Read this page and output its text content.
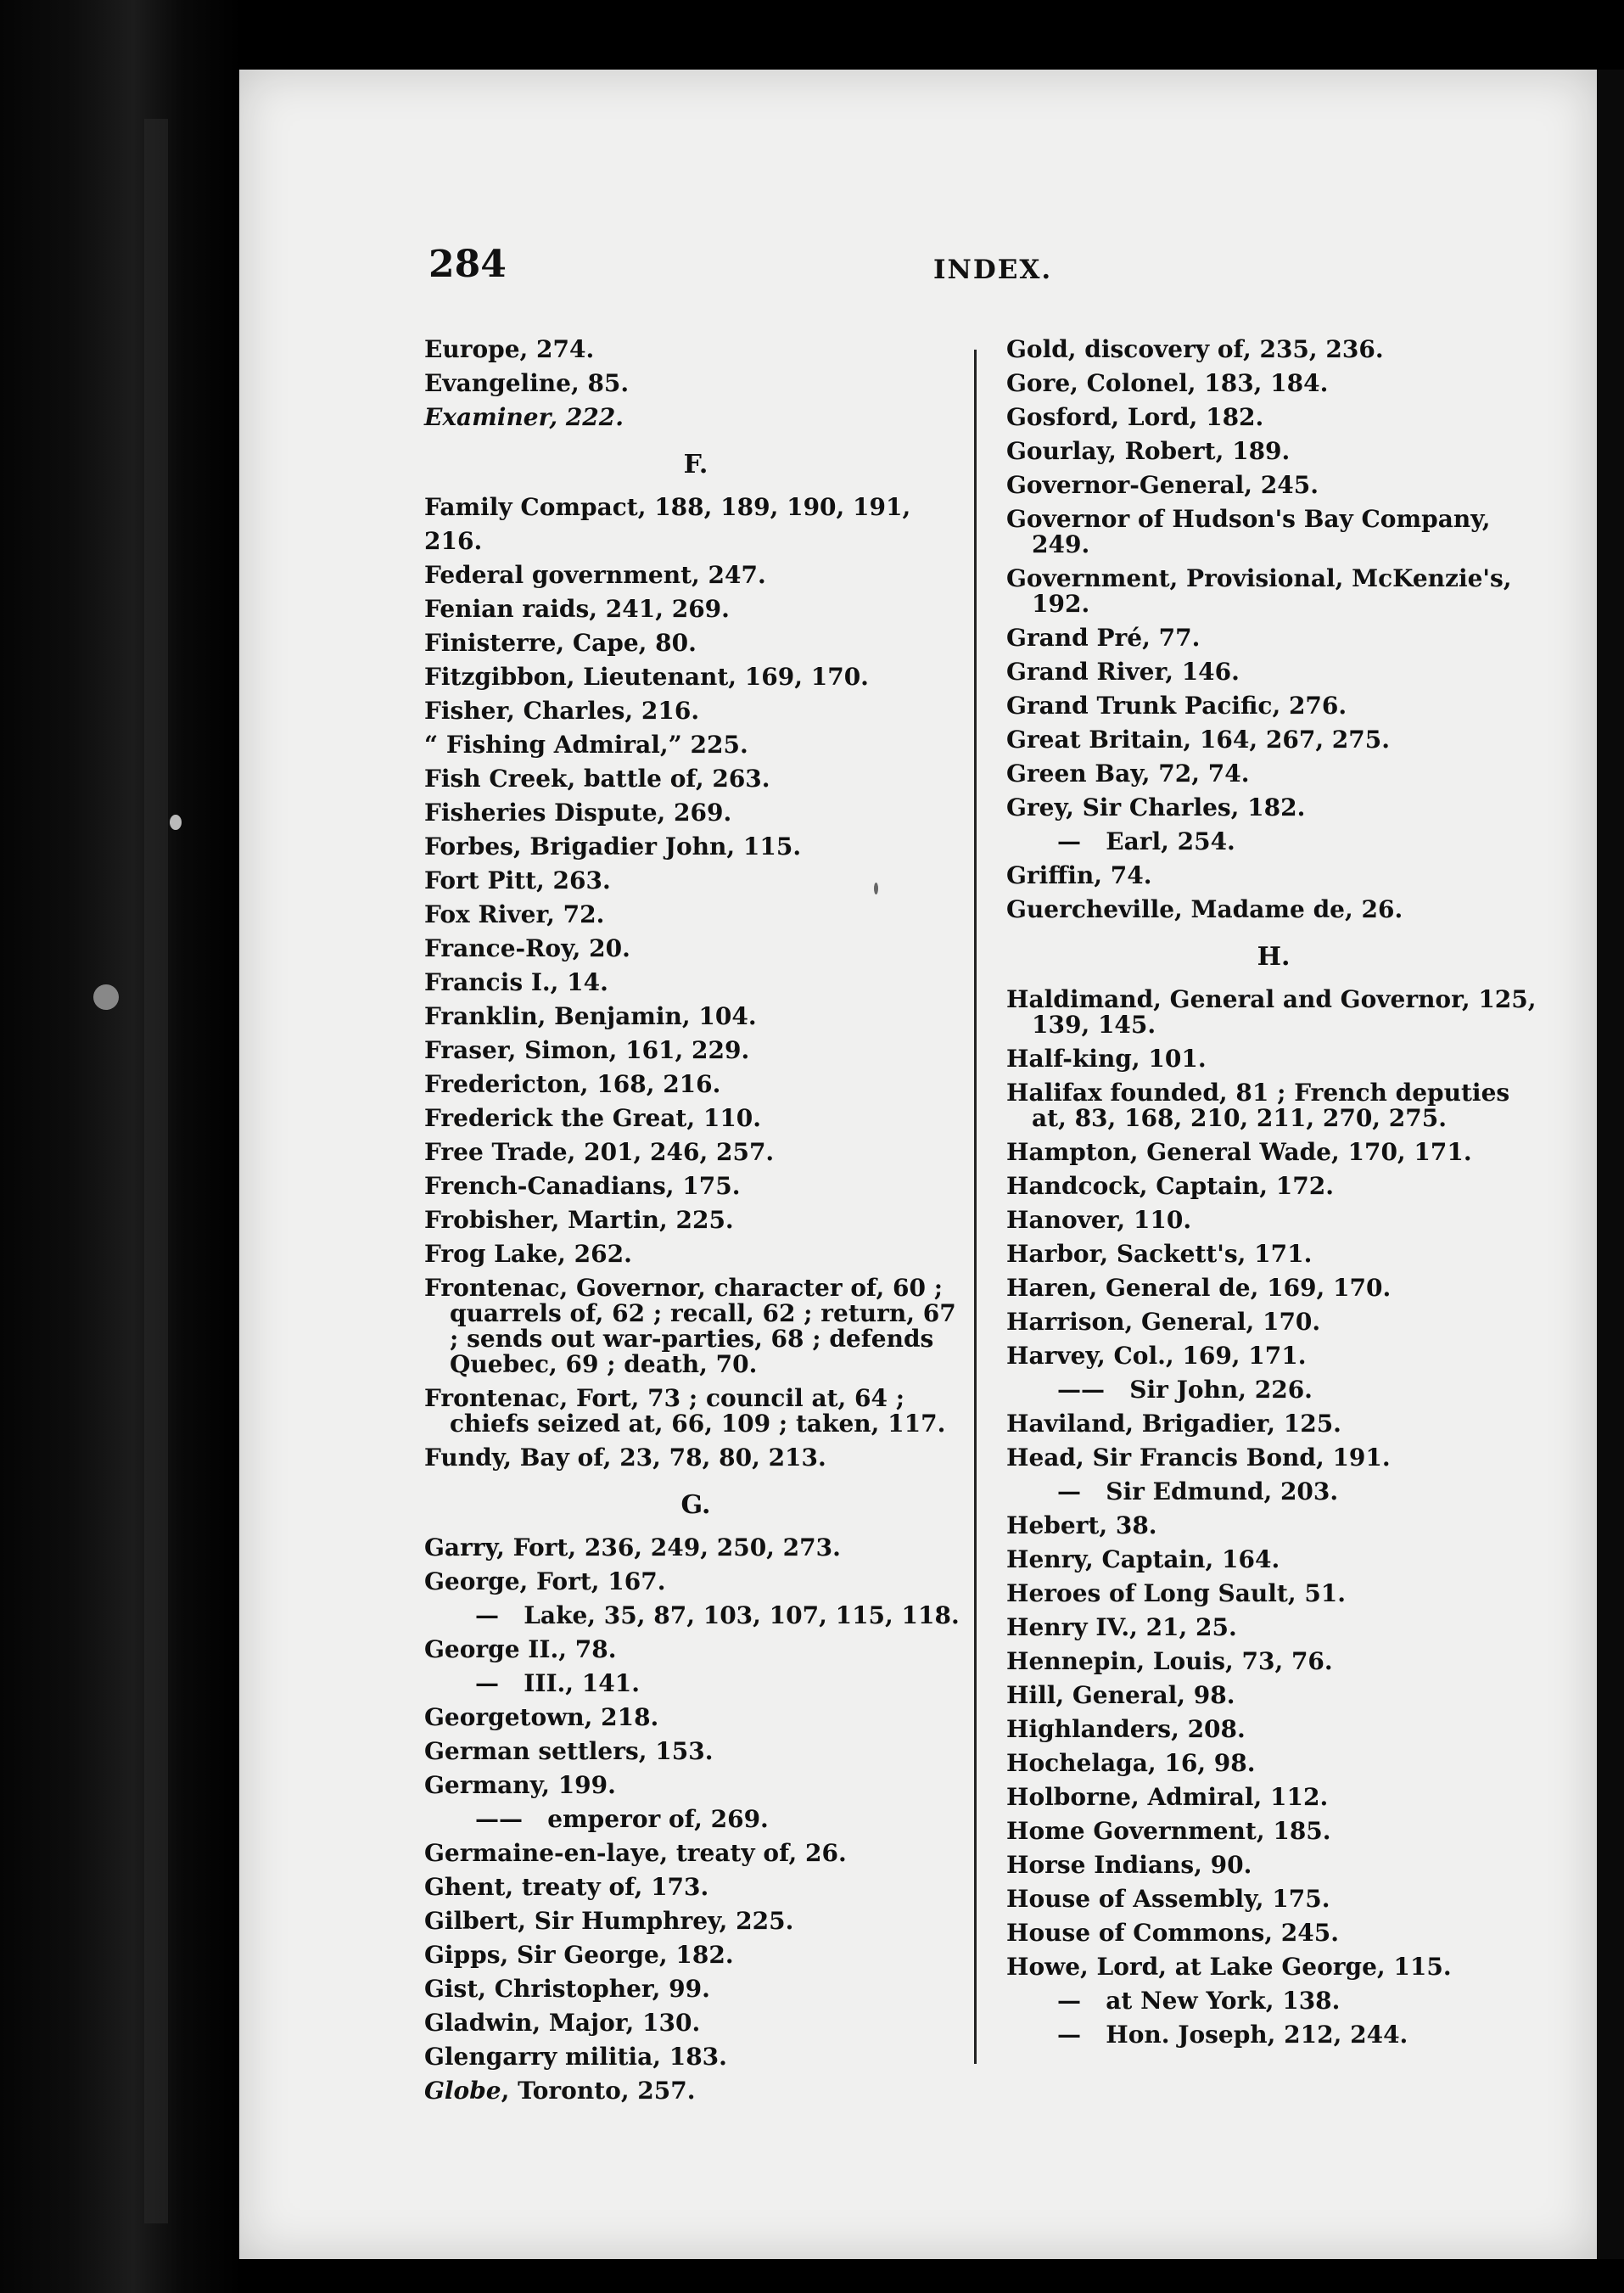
284	INDEX.
Europe, 274.
Evangeline, 85.
Examiner, 222.
F.
Family Compact, 188, 189, 190, 191, 216.
Federal government, 247.
Fenian raids, 241, 269.
Finisterre, Cape, 80.
Fitzgibbon, Lieutenant, 169, 170.
Fisher, Charles, 216.
“ Fishing Admiral,” 225.
Fish Creek, battle of, 263.
Fisheries Dispute, 269.
Forbes, Brigadier John, 115.
Fort Pitt, 263.
Fox River, 72.
France-Roy, 20.
Francis I., 14.
Franklin, Benjamin, 104.
Fraser, Simon, 161, 229.
Fredericton, 168, 216.
Frederick the Great, 110.
Free Trade, 201, 246, 257.
French-Canadians, 175.
Frobisher, Martin, 225.
Frog Lake, 262.
Frontenac, Governor, character of, 60 ; quarrels of, 62 ; recall, 62 ; return, 67 ; sends out war-parties, 68 ; defends Quebec, 69 ; death, 70.
Frontenac, Fort, 73 ; council at, 64 ; chiefs seized at, 66, 109 ; taken, 117.
Fundy, Bay of, 23, 78, 80, 213.
G.
Garry, Fort, 236, 249, 250, 273.
George, Fort, 167.
—   Lake, 35, 87, 103, 107, 115, 118.
George II., 78.
—   III., 141.
Georgetown, 218.
German settlers, 153.
Germany, 199.
——   emperor of, 269.
Germaine-en-laye, treaty of, 26.
Ghent, treaty of, 173.
Gilbert, Sir Humphrey, 225.
Gipps, Sir George, 182.
Gist, Christopher, 99.
Gladwin, Major, 130.
Glengarry militia, 183.
Globe, Toronto, 257.
Gold, discovery of, 235, 236.
Gore, Colonel, 183, 184.
Gosford, Lord, 182.
Gourlay, Robert, 189.
Governor-General, 245.
Governor of Hudson's Bay Company, 249.
Government, Provisional, McKenzie's, 192.
Grand Pré, 77.
Grand River, 146.
Grand Trunk Pacific, 276.
Great Britain, 164, 267, 275.
Green Bay, 72, 74.
Grey, Sir Charles, 182.
—   Earl, 254.
Griffin, 74.
Guercheville, Madame de, 26.
H.
Haldimand, General and Governor, 125, 139, 145.
Half-king, 101.
Halifax founded, 81 ; French deputies at, 83, 168, 210, 211, 270, 275.
Hampton, General Wade, 170, 171.
Handcock, Captain, 172.
Hanover, 110.
Harbor, Sackett's, 171.
Haren, General de, 169, 170.
Harrison, General, 170.
Harvey, Col., 169, 171.
——   Sir John, 226.
Haviland, Brigadier, 125.
Head, Sir Francis Bond, 191.
—   Sir Edmund, 203.
Hebert, 38.
Henry, Captain, 164.
Heroes of Long Sault, 51.
Henry IV., 21, 25.
Hennepin, Louis, 73, 76.
Hill, General, 98.
Highlanders, 208.
Hochelaga, 16, 98.
Holborne, Admiral, 112.
Home Government, 185.
Horse Indians, 90.
House of Assembly, 175.
House of Commons, 245.
Howe, Lord, at Lake George, 115.
—   at New York, 138.
—   Hon. Joseph, 212, 244.
